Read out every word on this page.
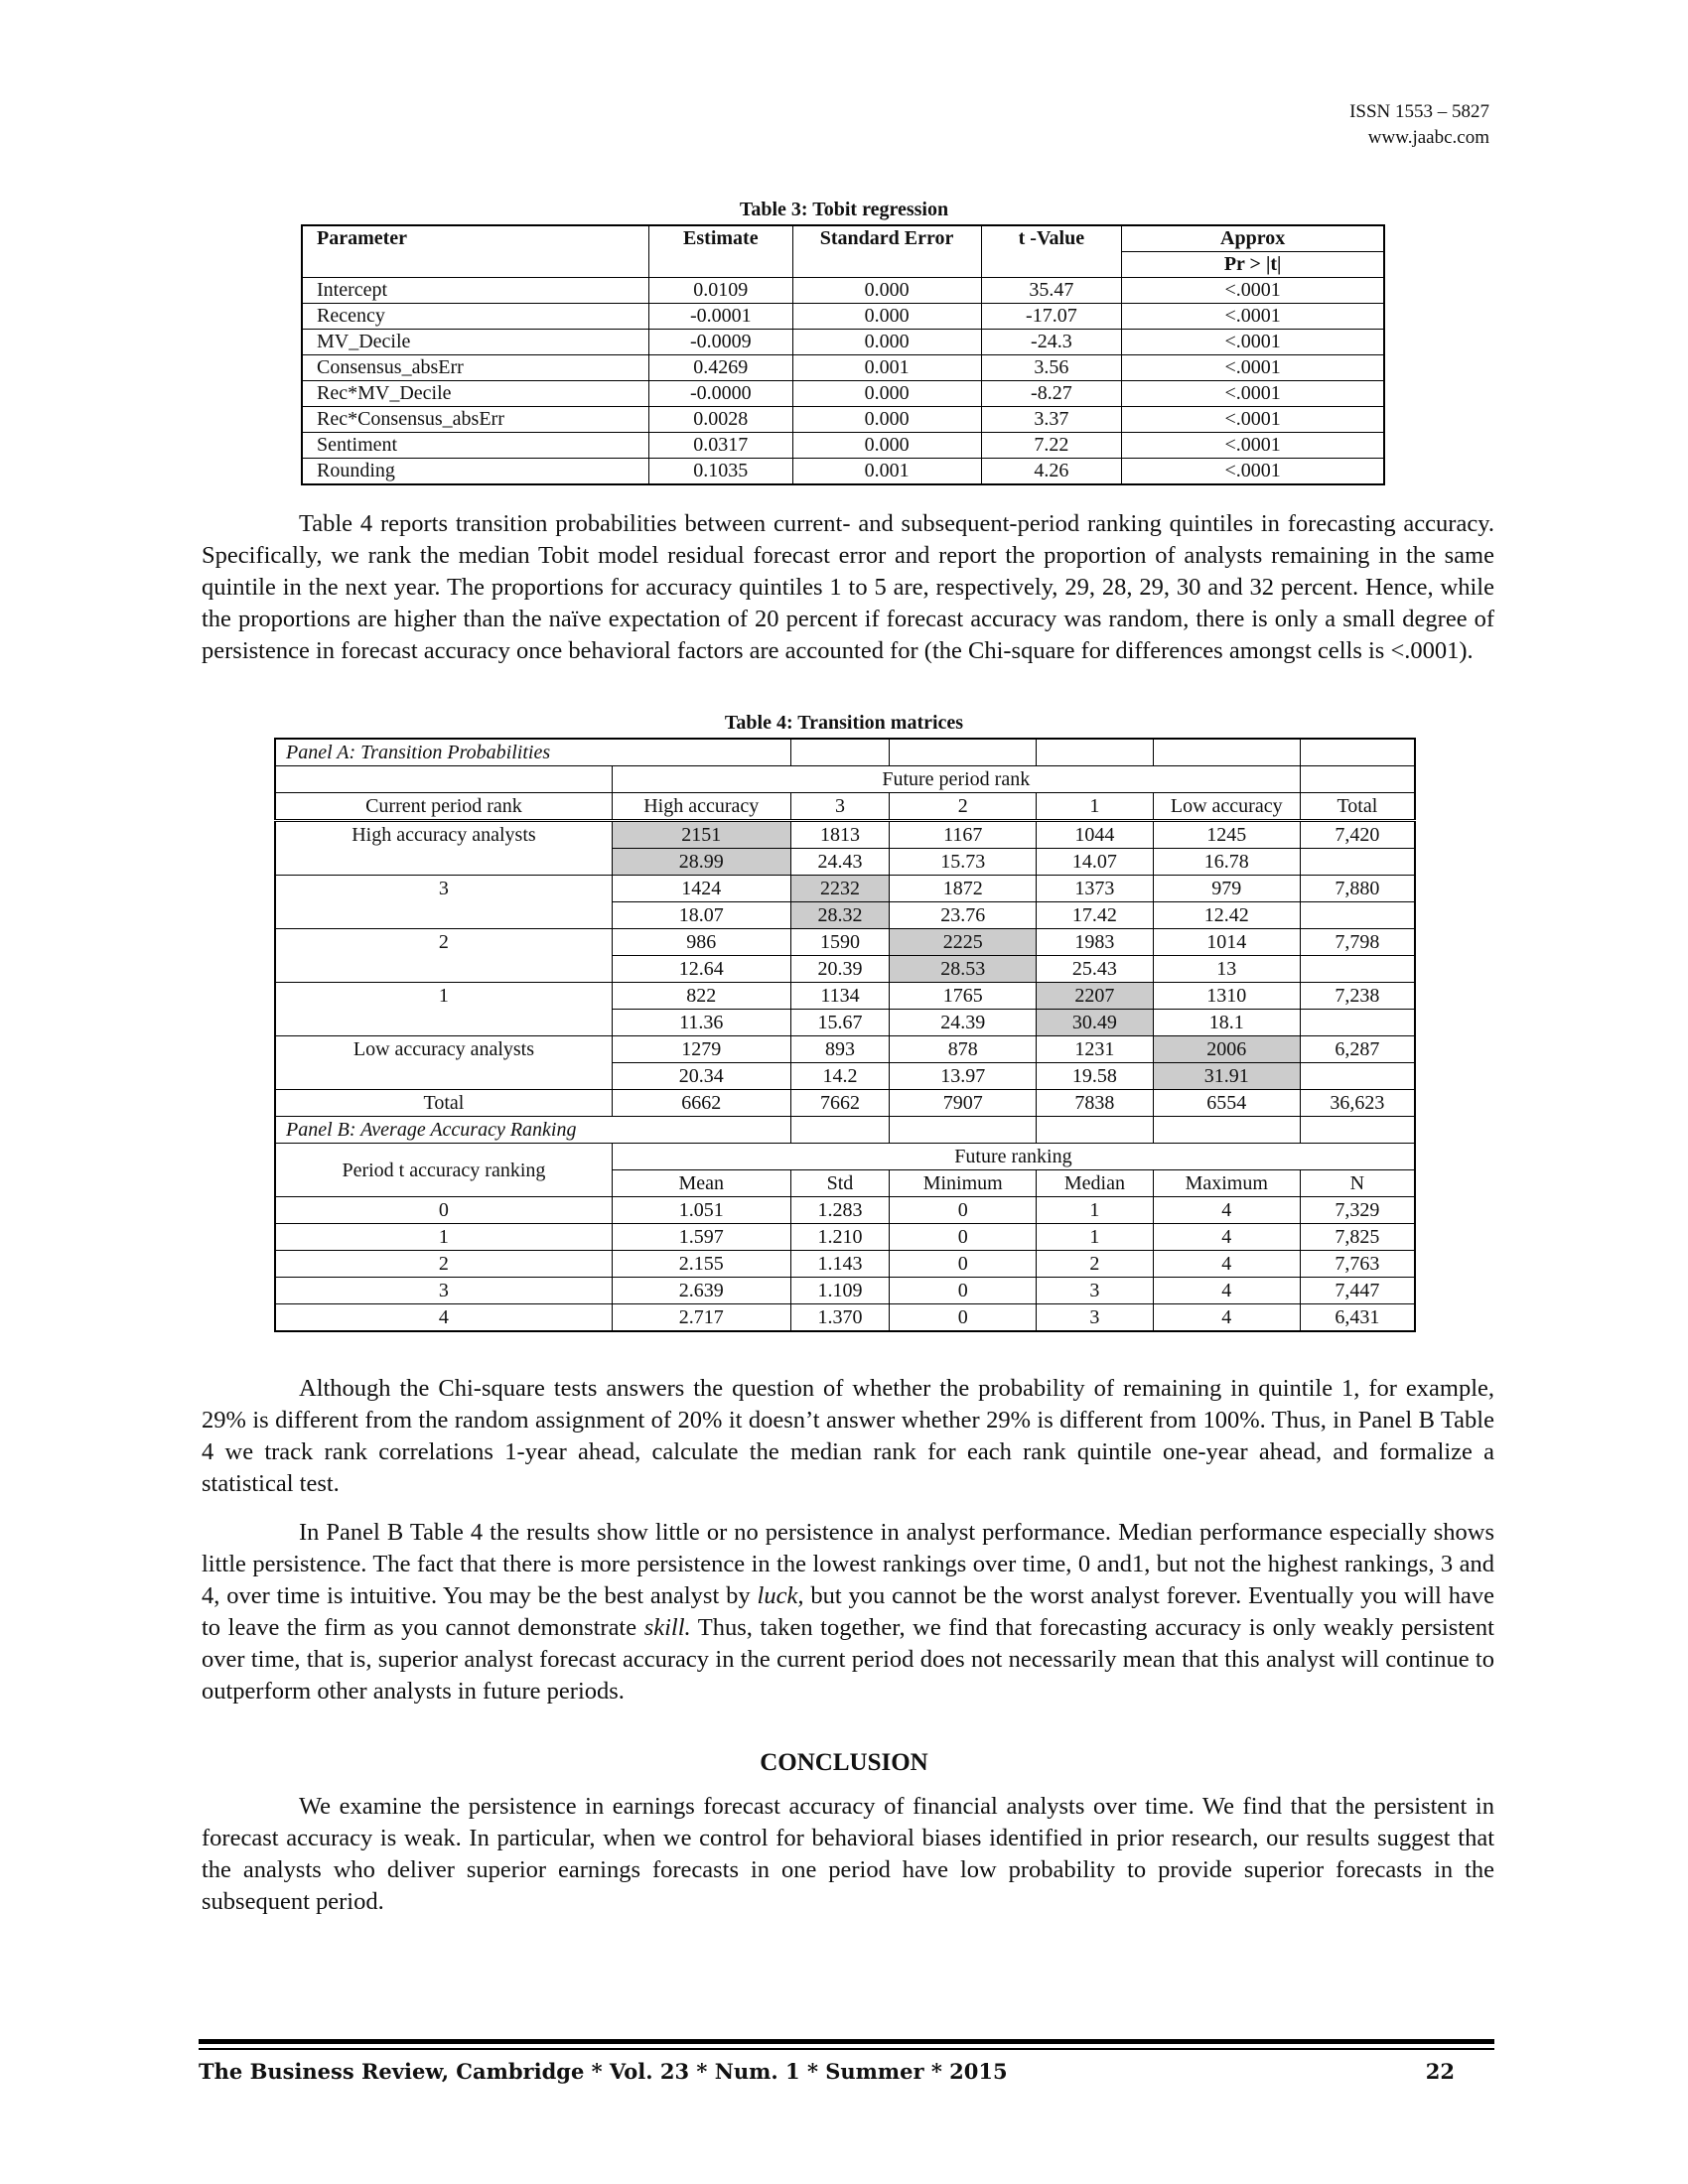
ISSN 1553 – 5827
www.jaabc.com
Table 3: Tobit regression
Parameter	Estimate	Standard Error	t -Value	Approx
				Pr > |t|
Intercept	0.0109	0.000	35.47	<.0001
Recency	-0.0001	0.000	-17.07	<.0001
MV_Decile	-0.0009	0.000	-24.3	<.0001
Consensus_absErr	0.4269	0.001	3.56	<.0001
Rec*MV_Decile	-0.0000	0.000	-8.27	<.0001
Rec*Consensus_absErr	0.0028	0.000	3.37	<.0001
Sentiment	0.0317	0.000	7.22	<.0001
Rounding	0.1035	0.001	4.26	<.0001
Table 4 reports transition probabilities between current- and subsequent-period ranking quintiles in forecasting accuracy. Specifically, we rank the median Tobit model residual forecast error and report the proportion of analysts remaining in the same quintile in the next year. The proportions for accuracy quintiles 1 to 5 are, respectively, 29, 28, 29, 30 and 32 percent. Hence, while the proportions are higher than the naïve expectation of 20 percent if forecast accuracy was random, there is only a small degree of persistence in forecast accuracy once behavioral factors are accounted for (the Chi-square for differences amongst cells is <.0001).
Table 4: Transition matrices
Panel A: Transition Probabilities						
	Future period rank					
Current period rank	High accuracy	3	2	1	Low accuracy	Total
High accuracy analysts	2151	1813	1167	1044	1245	7,420
	28.99	24.43	15.73	14.07	16.78	
3	1424	2232	1872	1373	979	7,880
	18.07	28.32	23.76	17.42	12.42	
2	986	1590	2225	1983	1014	7,798
	12.64	20.39	28.53	25.43	13	
1	822	1134	1765	2207	1310	7,238
	11.36	15.67	24.39	30.49	18.1	
Low accuracy analysts	1279	893	878	1231	2006	6,287
	20.34	14.2	13.97	19.58	31.91	
Total	6662	7662	7907	7838	6554	36,623
Panel B: Average Accuracy Ranking						
Period t accuracy ranking	Future ranking					
	Mean	Std	Minimum	Median	Maximum	N
0	1.051	1.283	0	1	4	7,329
1	1.597	1.210	0	1	4	7,825
2	2.155	1.143	0	2	4	7,763
3	2.639	1.109	0	3	4	7,447
4	2.717	1.370	0	3	4	6,431
Although the Chi-square tests answers the question of whether the probability of remaining in quintile 1, for example, 29% is different from the random assignment of 20% it doesn’t answer whether 29% is different from 100%. Thus, in Panel B Table 4 we track rank correlations 1-year ahead, calculate the median rank for each rank quintile one-year ahead, and formalize a statistical test.
In Panel B Table 4 the results show little or no persistence in analyst performance. Median performance especially shows little persistence. The fact that there is more persistence in the lowest rankings over time, 0 and1, but not the highest rankings, 3 and 4, over time is intuitive. You may be the best analyst by luck, but you cannot be the worst analyst forever. Eventually you will have to leave the firm as you cannot demonstrate skill. Thus, taken together, we find that forecasting accuracy is only weakly persistent over time, that is, superior analyst forecast accuracy in the current period does not necessarily mean that this analyst will continue to outperform other analysts in future periods.
CONCLUSION
We examine the persistence in earnings forecast accuracy of financial analysts over time. We find that the persistent in forecast accuracy is weak. In particular, when we control for behavioral biases identified in prior research, our results suggest that the analysts who deliver superior earnings forecasts in one period have low probability to provide superior forecasts in the subsequent period.
The Business Review, Cambridge * Vol. 23 * Num. 1 * Summer * 2015	22
